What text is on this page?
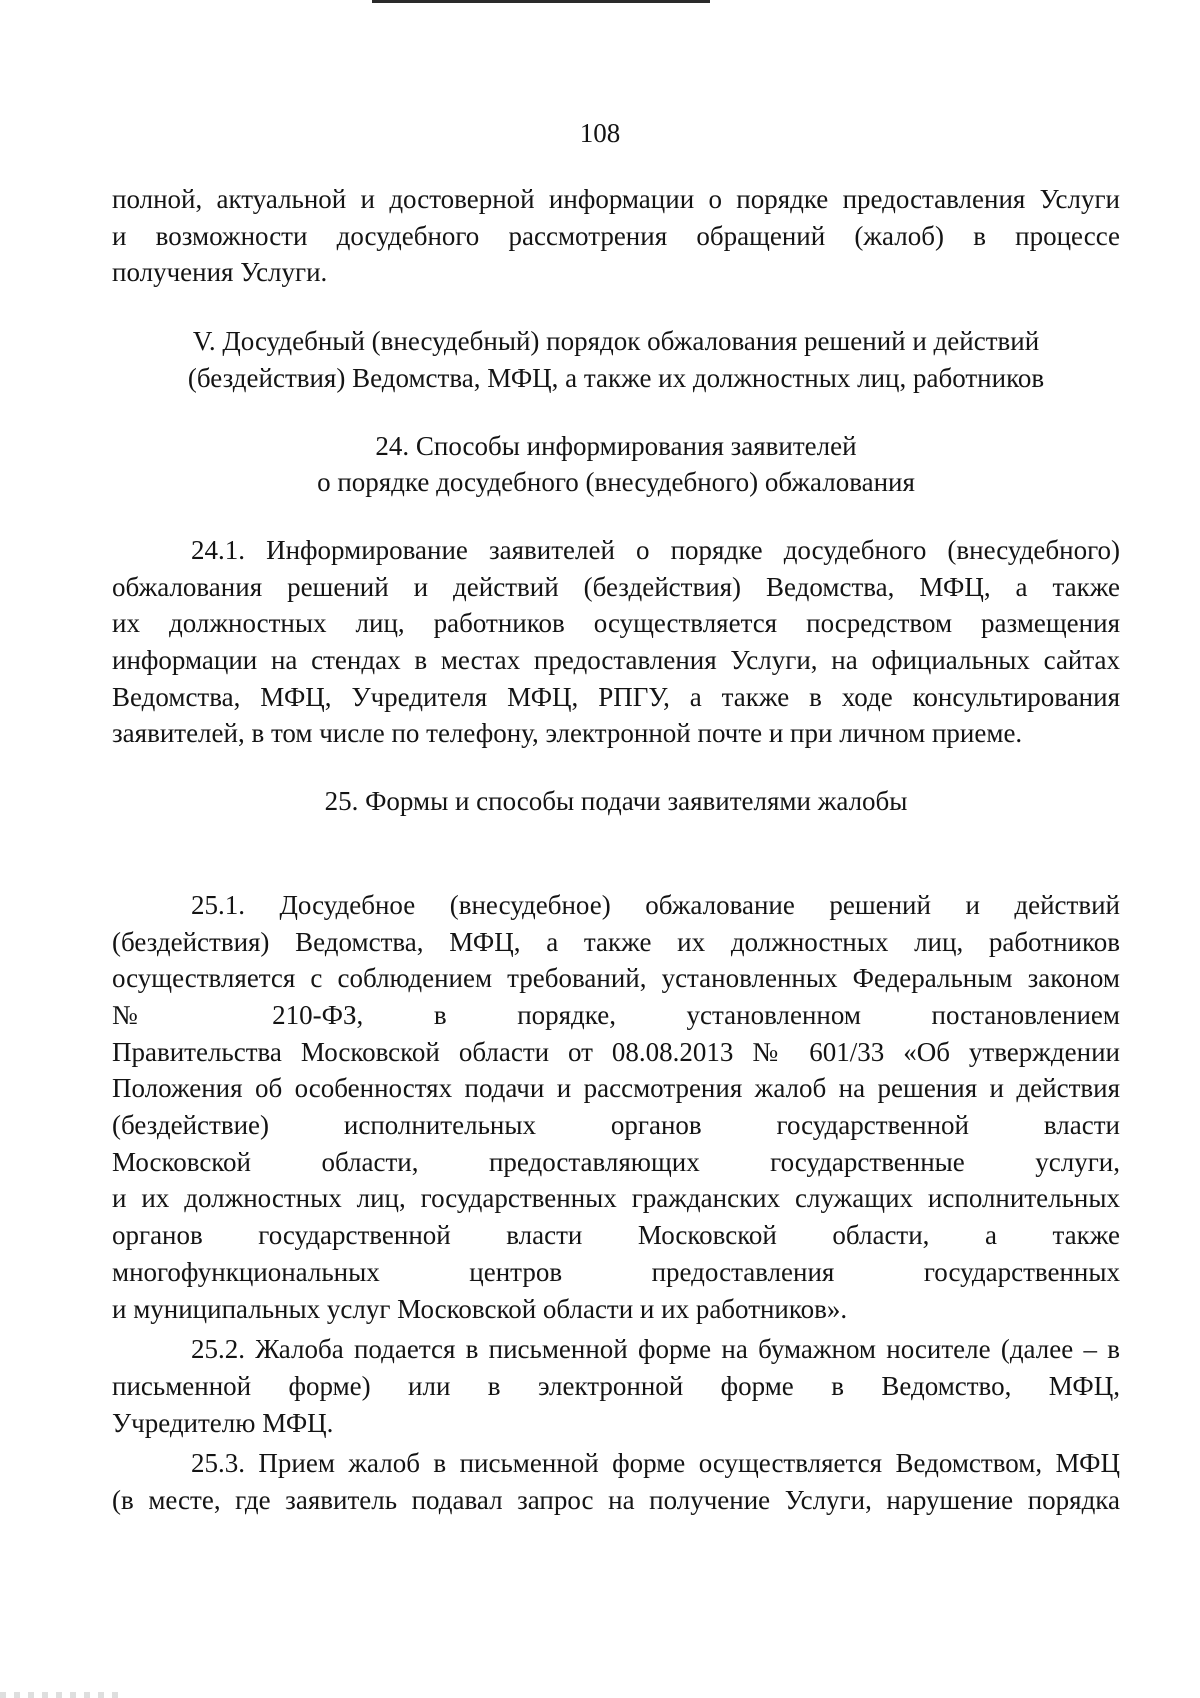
108

полной, актуальной и достоверной информации о порядке предоставления Услуги
и возможности досудебного рассмотрения обращений (жалоб) в процессе
получения Услуги.

V. Досудебный (внесудебный) порядок обжалования решений и действий
(бездействия) Ведомства, МФЦ, а также их должностных лиц, работников

24. Способы информирования заявителей
о порядке досудебного (внесудебного) обжалования

24.1. Информирование заявителей о порядке досудебного (внесудебного)
обжалования решений и действий (бездействия) Ведомства, МФЦ, а также
их должностных лиц, работников осуществляется посредством размещения
информации на стендах в местах предоставления Услуги, на официальных сайтах
Ведомства, МФЦ, Учредителя МФЦ, РПГУ, а также в ходе консультирования
заявителей, в том числе по телефону, электронной почте и при личном приеме.

25. Формы и способы подачи заявителями жалобы

25.1. Досудебное (внесудебное) обжалование решений и действий
(бездействия) Ведомства, МФЦ, а также их должностных лиц, работников
осуществляется с соблюдением требований, установленных Федеральным законом
№ 210-ФЗ, в порядке, установленном постановлением
Правительства Московской области от 08.08.2013 № 601/33 «Об утверждении
Положения об особенностях подачи и рассмотрения жалоб на решения и действия
(бездействие) исполнительных органов государственной власти
Московской области, предоставляющих государственные услуги,
и их должностных лиц, государственных гражданских служащих исполнительных
органов государственной власти Московской области, а также
многофункциональных центров предоставления государственных
и муниципальных услуг Московской области и их работников».

25.2. Жалоба подается в письменной форме на бумажном носителе (далее – в
письменной форме) или в электронной форме в Ведомство, МФЦ,
Учредителю МФЦ.

25.3. Прием жалоб в письменной форме осуществляется Ведомством, МФЦ
(в месте, где заявитель подавал запрос на получение Услуги, нарушение порядка
